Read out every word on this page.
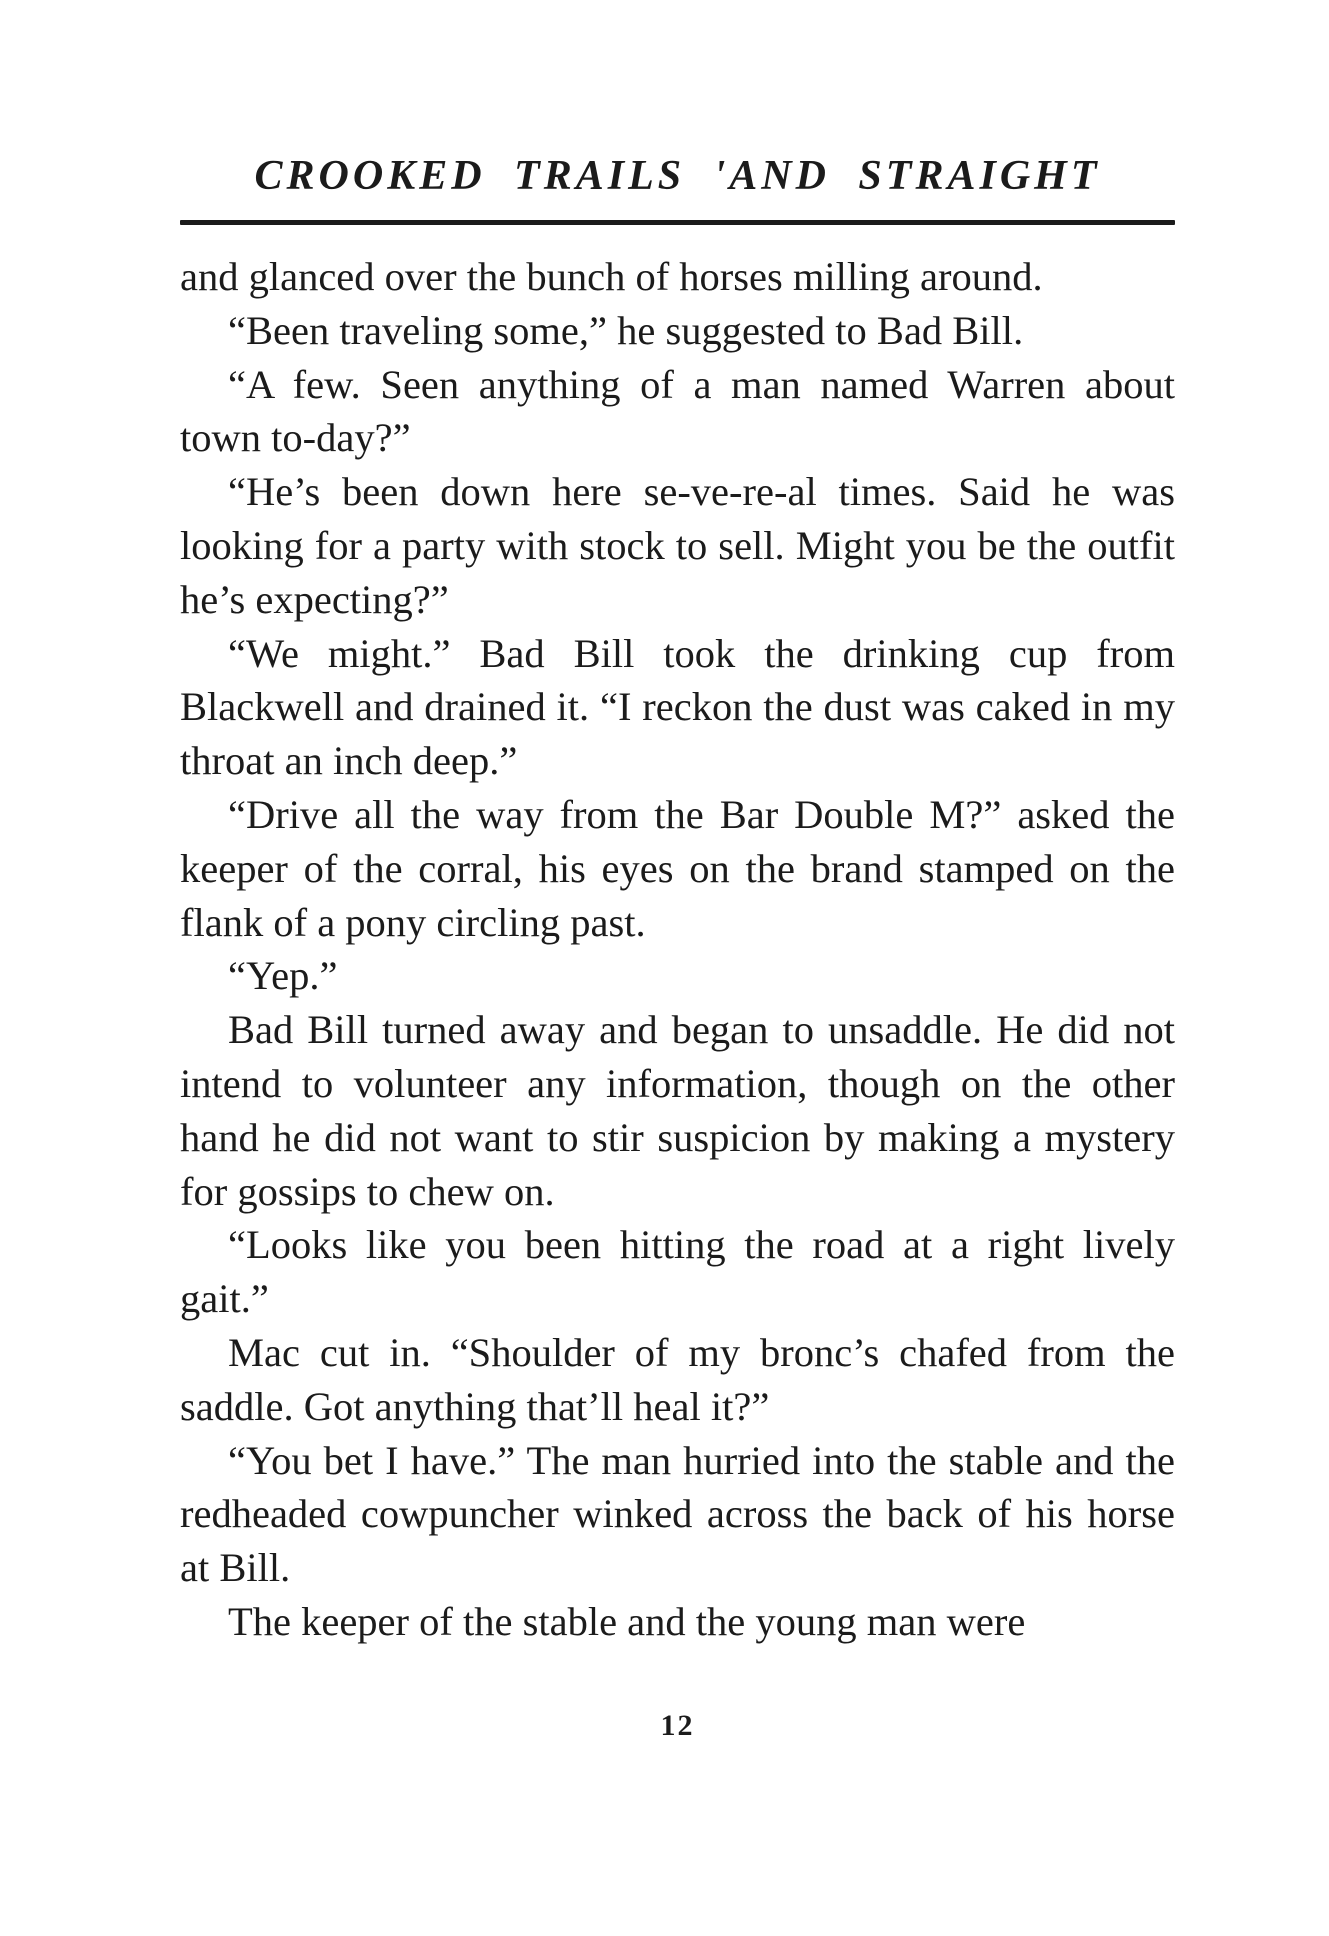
CROOKED TRAILS 'AND STRAIGHT

and glanced over the bunch of horses milling around.

“Been traveling some,” he suggested to Bad Bill.

“A few. Seen anything of a man named Warren about town to-day?”

“He’s been down here se-ve-re-al times. Said he was looking for a party with stock to sell. Might you be the outfit he’s expecting?”

“We might.” Bad Bill took the drinking cup from Blackwell and drained it. “I reckon the dust was caked in my throat an inch deep.”

“Drive all the way from the Bar Double M?” asked the keeper of the corral, his eyes on the brand stamped on the flank of a pony circling past.

“Yep.”

Bad Bill turned away and began to unsaddle. He did not intend to volunteer any information, though on the other hand he did not want to stir suspicion by making a mystery for gossips to chew on.

“Looks like you been hitting the road at a right lively gait.”

Mac cut in. “Shoulder of my bronc’s chafed from the saddle. Got anything that’ll heal it?”

“You bet I have.” The man hurried into the stable and the redheaded cowpuncher winked across the back of his horse at Bill.

The keeper of the stable and the young man were

12
